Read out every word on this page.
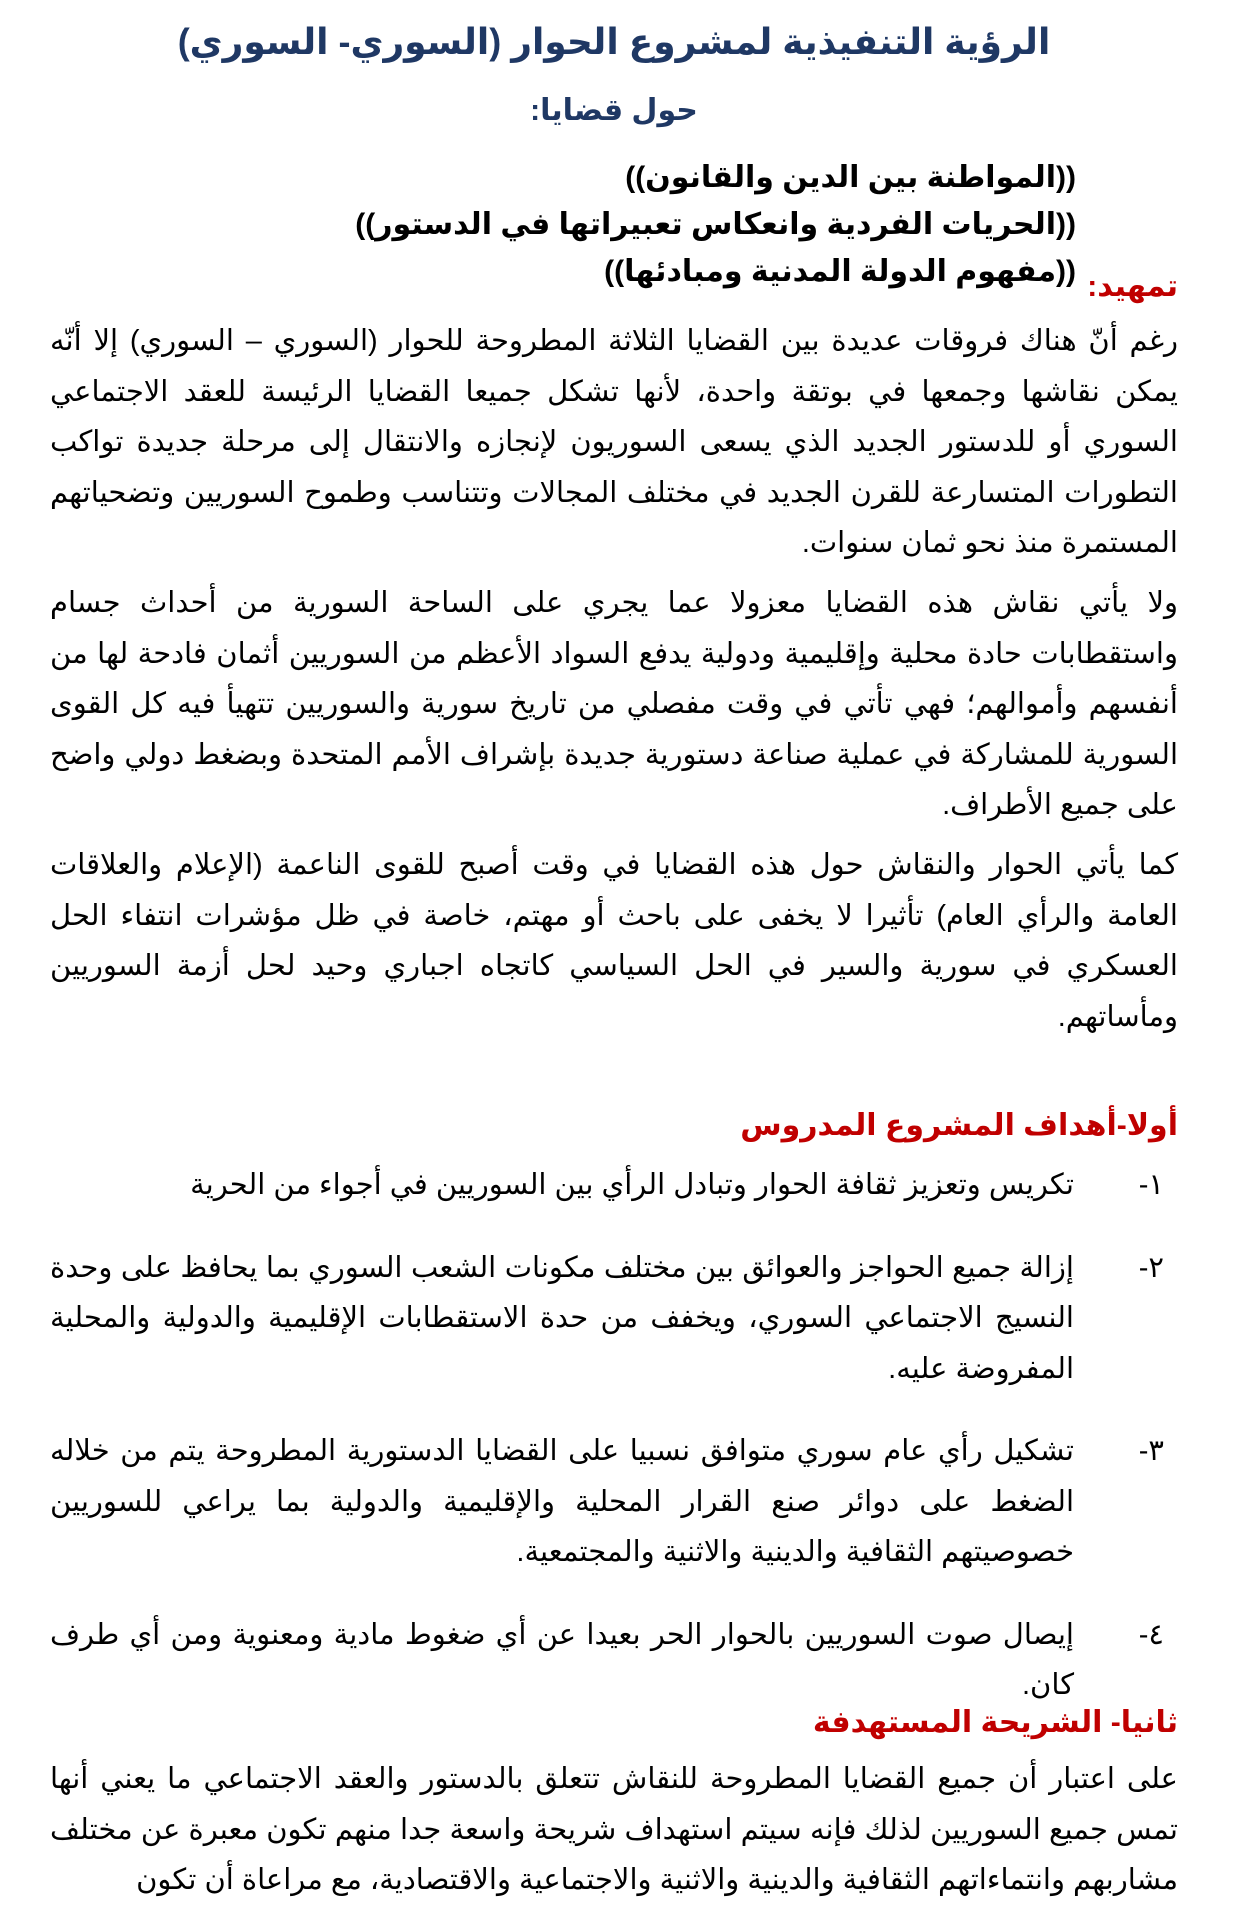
الرؤية التنفيذية لمشروع الحوار (السوري- السوري)
حول قضايا:
((المواطنة بين الدين والقانون))
((الحريات الفردية وانعكاس تعبيراتها في الدستور))
((مفهوم الدولة المدنية ومبادئها)) تمهيد:

رغم أنّ هناك فروقات عديدة بين القضايا الثلاثة المطروحة للحوار (السوري – السوري) إلا أنّه يمكن نقاشها وجمعها في بوتقة واحدة، لأنها تشكل جميعا القضايا الرئيسة للعقد الاجتماعي السوري أو للدستور الجديد الذي يسعى السوريون لإنجازه والانتقال إلى مرحلة جديدة تواكب التطورات المتسارعة للقرن الجديد في مختلف المجالات وتتناسب وطموح السوريين وتضحياتهم المستمرة منذ نحو ثمان سنوات.

ولا يأتي نقاش هذه القضايا معزولا عما يجري على الساحة السورية من أحداث جسام واستقطابات حادة محلية وإقليمية ودولية يدفع السواد الأعظم من السوريين أثمان فادحة لها من أنفسهم وأموالهم؛ فهي تأتي في وقت مفصلي من تاريخ سورية والسوريين تتهيأ فيه كل القوى السورية للمشاركة في عملية صناعة دستورية جديدة بإشراف الأمم المتحدة وبضغط دولي واضح على جميع الأطراف.

كما يأتي الحوار والنقاش حول هذه القضايا في وقت أصبح للقوى الناعمة (الإعلام والعلاقات العامة والرأي العام) تأثيرا لا يخفى على باحث أو مهتم، خاصة في ظل مؤشرات انتفاء الحل العسكري في سورية والسير في الحل السياسي كاتجاه اجباري وحيد لحل أزمة السوريين ومأساتهم.

أولا-أهداف المشروع المدروس
١-
تكريس وتعزيز ثقافة الحوار وتبادل الرأي بين السوريين في أجواء من الحرية
٢-
إزالة جميع الحواجز والعوائق بين مختلف مكونات الشعب السوري بما يحافظ على وحدة النسيج الاجتماعي السوري، ويخفف من حدة الاستقطابات الإقليمية والدولية والمحلية المفروضة عليه.
٣-
تشكيل رأي عام سوري متوافق نسبيا على القضايا الدستورية المطروحة يتم من خلاله الضغط على دوائر صنع القرار المحلية والإقليمية والدولية بما يراعي للسوريين خصوصيتهم الثقافية والدينية والاثنية والمجتمعية.
٤-
إيصال صوت السوريين بالحوار الحر بعيدا عن أي ضغوط مادية ومعنوية ومن أي طرف كان.
ثانيا- الشريحة المستهدفة

على اعتبار أن جميع القضايا المطروحة للنقاش تتعلق بالدستور والعقد الاجتماعي ما يعني أنها تمس جميع السوريين لذلك فإنه سيتم استهداف شريحة واسعة جدا منهم تكون معبرة عن مختلف مشاربهم وانتماءاتهم الثقافية والدينية والاثنية والاجتماعية والاقتصادية، مع مراعاة أن تكون
